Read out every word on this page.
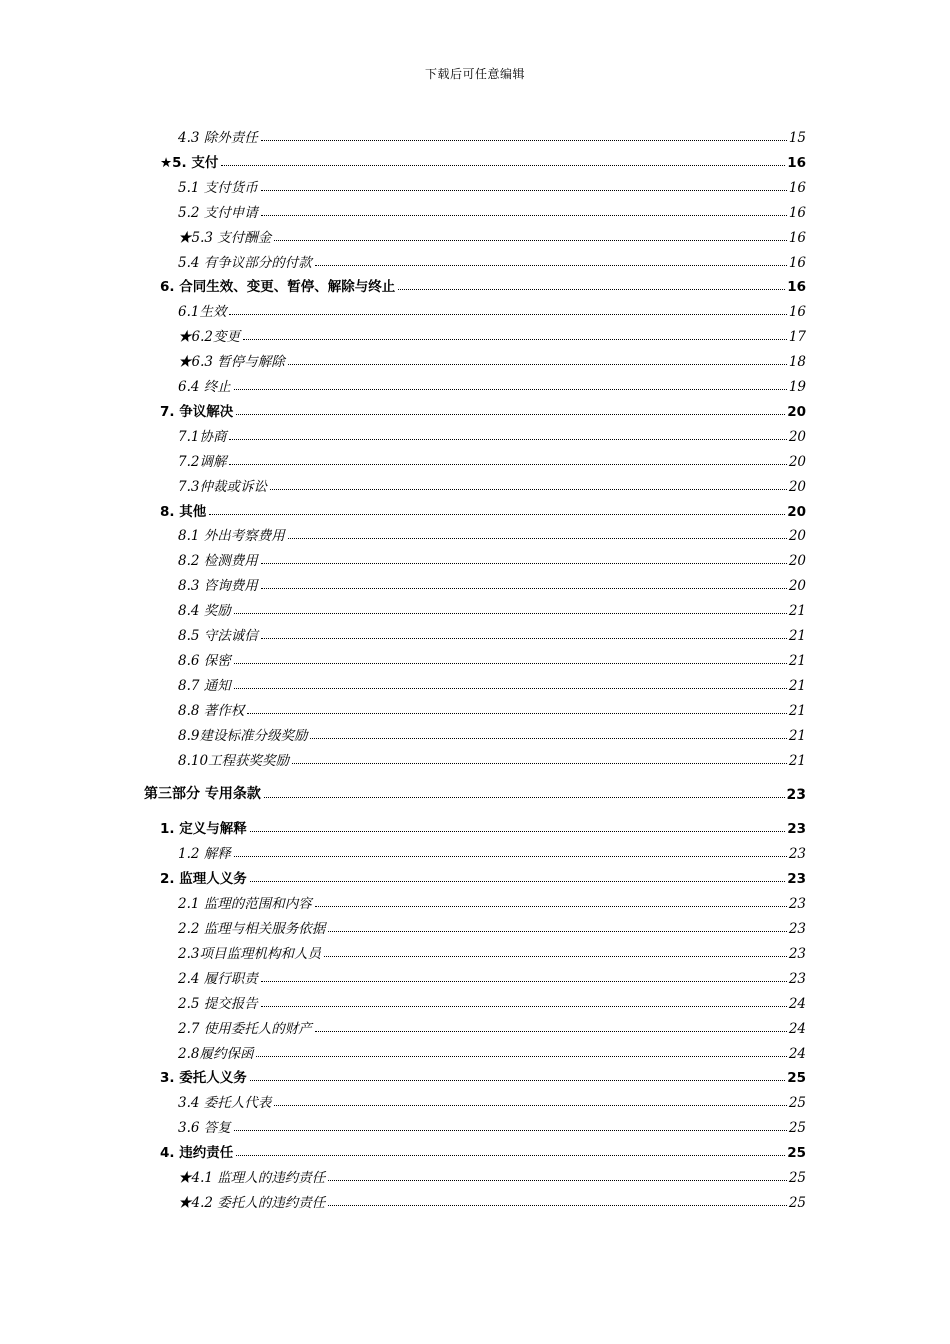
下载后可任意编辑
4.3 除外责任	15
★5. 支付	16
5.1 支付货币	16
5.2 支付申请	16
★5.3 支付酬金	16
5.4 有争议部分的付款	16
6. 合同生效、变更、暂停、解除与终止	16
6.1生效	16
★6.2变更	17
★6.3 暂停与解除	18
6.4 终止	19
7. 争议解决	20
7.1协商	20
7.2调解	20
7.3仲裁或诉讼	20
8. 其他	20
8.1 外出考察费用	20
8.2 检测费用	20
8.3 咨询费用	20
8.4 奖励	21
8.5 守法诚信	21
8.6 保密	21
8.7 通知	21
8.8 著作权	21
8.9建设标准分级奖励	21
8.10工程获奖奖励	21
第三部分 专用条款	23
1. 定义与解释	23
1.2 解释	23
2. 监理人义务	23
2.1 监理的范围和内容	23
2.2 监理与相关服务依据	23
2.3项目监理机构和人员	23
2.4 履行职责	23
2.5 提交报告	24
2.7 使用委托人的财产	24
2.8履约保函	24
3. 委托人义务	25
3.4 委托人代表	25
3.6 答复	25
4. 违约责任	25
★4.1 监理人的违约责任	25
★4.2 委托人的违约责任	25
